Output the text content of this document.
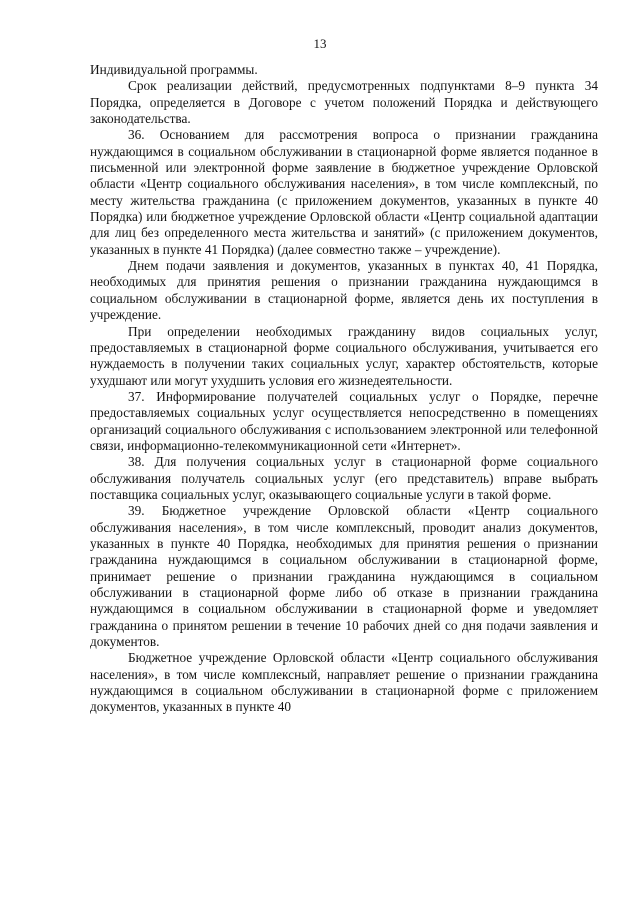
13

Индивидуальной программы.

Срок реализации действий, предусмотренных подпунктами 8–9 пункта 34 Порядка, определяется в Договоре с учетом положений Порядка и действующего законодательства.

36. Основанием для рассмотрения вопроса о признании гражданина нуждающимся в социальном обслуживании в стационарной форме является поданное в письменной или электронной форме заявление в бюджетное учреждение Орловской области «Центр социального обслуживания населения», в том числе комплексный, по месту жительства гражданина (с приложением документов, указанных в пункте 40 Порядка) или бюджетное учреждение Орловской области «Центр социальной адаптации для лиц без определенного места жительства и занятий» (с приложением документов, указанных в пункте 41 Порядка) (далее совместно также – учреждение).

Днем подачи заявления и документов, указанных в пунктах 40, 41 Порядка, необходимых для принятия решения о признании гражданина нуждающимся в социальном обслуживании в стационарной форме, является день их поступления в учреждение.

При определении необходимых гражданину видов социальных услуг, предоставляемых в стационарной форме социального обслуживания, учитывается его нуждаемость в получении таких социальных услуг, характер обстоятельств, которые ухудшают или могут ухудшить условия его жизнедеятельности.

37. Информирование получателей социальных услуг о Порядке, перечне предоставляемых социальных услуг осуществляется непосредственно в помещениях организаций социального обслуживания с использованием электронной или телефонной связи, информационно-телекоммуникационной сети «Интернет».

38. Для получения социальных услуг в стационарной форме социального обслуживания получатель социальных услуг (его представитель) вправе выбрать поставщика социальных услуг, оказывающего социальные услуги в такой форме.

39. Бюджетное учреждение Орловской области «Центр социального обслуживания населения», в том числе комплексный, проводит анализ документов, указанных в пункте 40 Порядка, необходимых для принятия решения о признании гражданина нуждающимся в социальном обслуживании в стационарной форме, принимает решение о признании гражданина нуждающимся в социальном обслуживании в стационарной форме либо об отказе в признании гражданина нуждающимся в социальном обслуживании в стационарной форме и уведомляет гражданина о принятом решении в течение 10 рабочих дней со дня подачи заявления и документов.

Бюджетное учреждение Орловской области «Центр социального обслуживания населения», в том числе комплексный, направляет решение о признании гражданина нуждающимся в социальном обслуживании в стационарной форме с приложением документов, указанных в пункте 40
